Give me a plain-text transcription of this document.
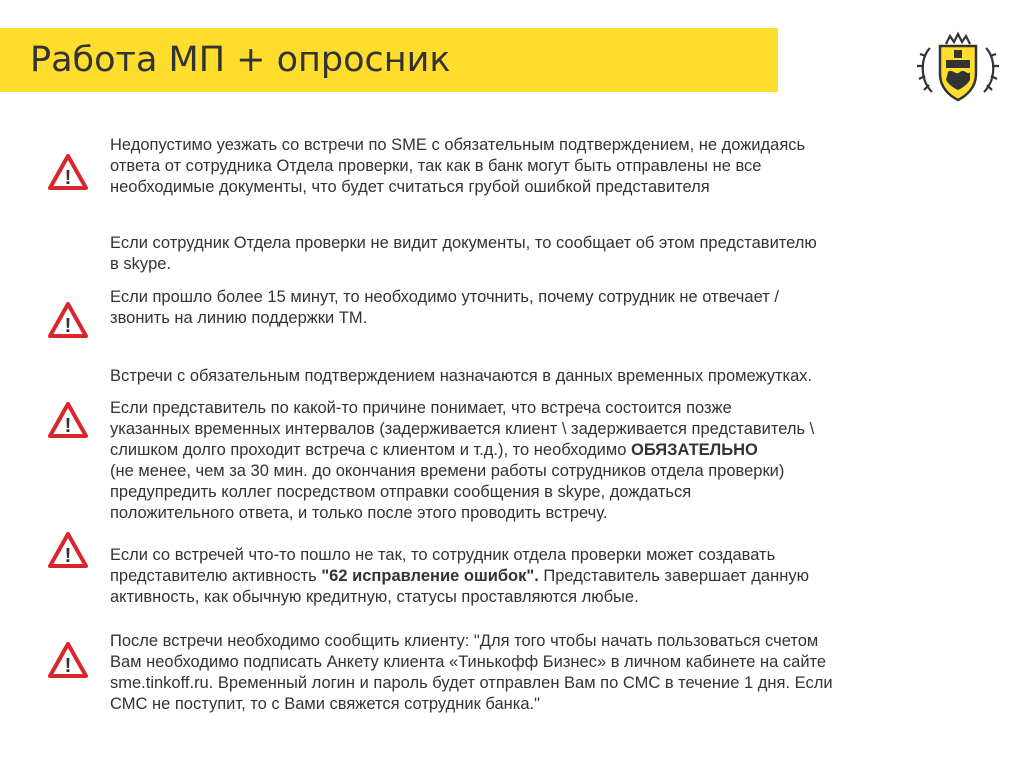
Работа МП + опросник
!
!
!
!
!
Недопустимо уезжать со встречи по SME с обязательным подтверждением, не дожидаясь
ответа от сотрудника Отдела проверки, так как в банк могут быть отправлены не все
необходимые документы, что будет считаться грубой ошибкой представителя
Если сотрудник Отдела проверки не видит документы, то сообщает об этом представителю
в skype.
Если прошло более 15 минут, то необходимо уточнить, почему сотрудник не отвечает /
звонить на линию поддержки ТМ.
Встречи с обязательным подтверждением назначаются в данных временных промежутках.
Если представитель по какой-то причине понимает, что встреча состоится позже
указанных временных интервалов (задерживается клиент \ задерживается представитель \
слишком долго проходит встреча с клиентом и т.д.), то необходимо ОБЯЗАТЕЛЬНО
(не менее, чем за 30 мин. до окончания времени работы сотрудников отдела проверки)
предупредить коллег посредством отправки сообщения в skype, дождаться
положительного ответа, и только после этого проводить встречу.
Если со встречей что-то пошло не так, то сотрудник отдела проверки может создавать
представителю активность "62 исправление ошибок". Представитель завершает данную
активность, как обычную кредитную, статусы проставляются любые.
После встречи необходимо сообщить клиенту: "Для того чтобы начать пользоваться счетом
Вам необходимо подписать Анкету клиента «Тинькофф Бизнес» в личном кабинете на сайте
sme.tinkoff.ru. Временный логин и пароль будет отправлен Вам по СМС в течение 1 дня. Если
СМС не поступит, то с Вами свяжется сотрудник банка."
